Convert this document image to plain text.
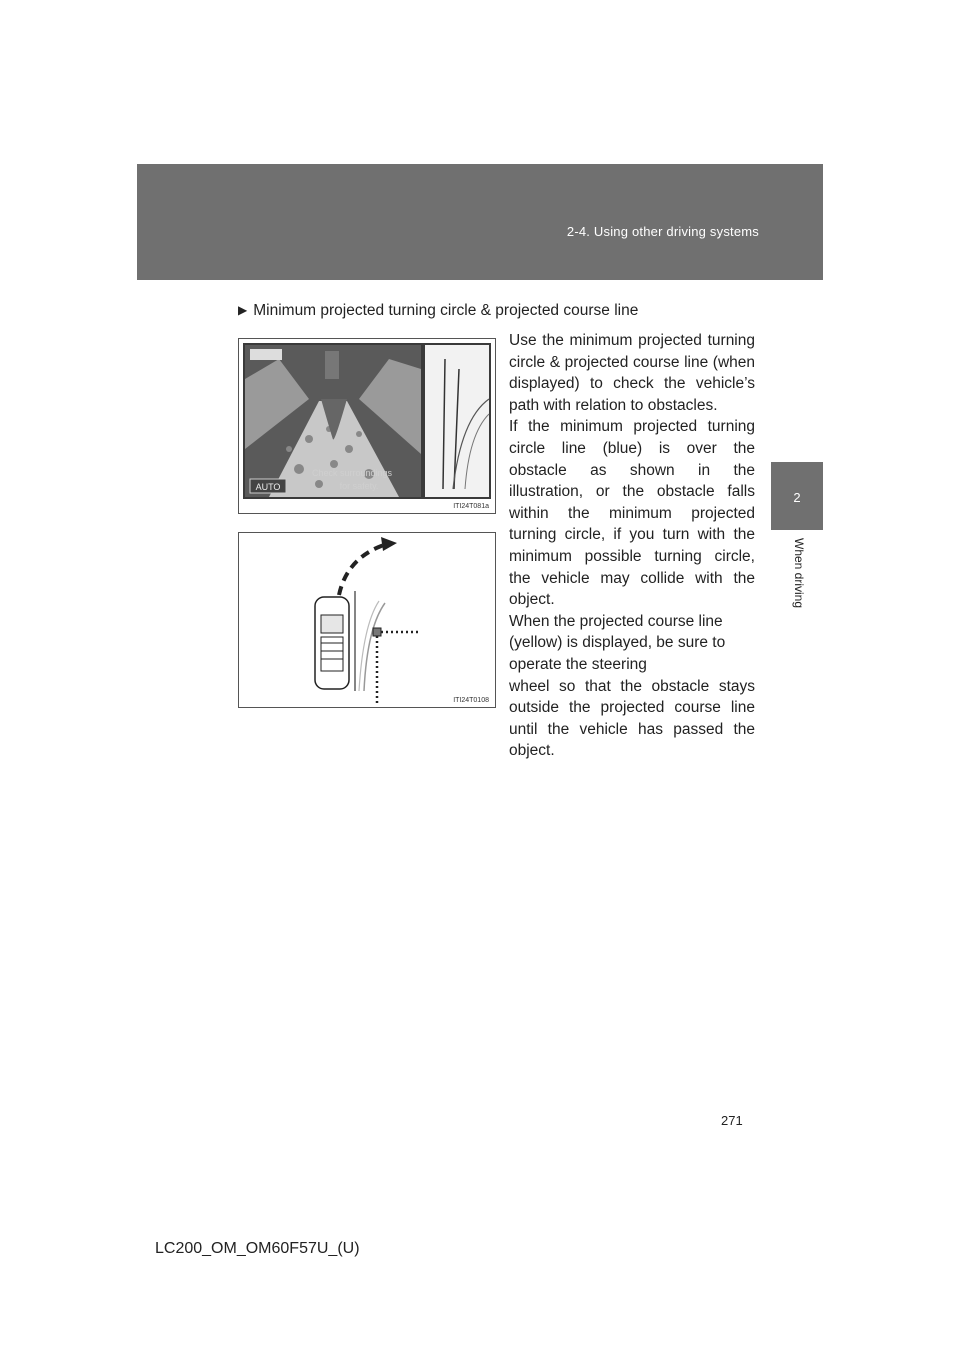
2-4. Using other driving systems
2
When driving
▶ Minimum projected turning circle & projected course line
AUTO
Check surroundings
for safety.
ITI24T081a
ITI24T0108

Use the minimum projected turning circle & projected course line (when displayed) to check the vehicle’s path with relation to obstacles.

If the minimum projected turning circle line (blue) is over the obstacle as shown in the illustration, or the obstacle falls within the minimum projected turning circle, if you turn with the minimum possible turning circle, the vehicle may collide with the object.

When the projected course line (yellow) is displayed, be sure to operate the steering

wheel so that the obstacle stays outside the projected course line until the vehicle has passed the object.

271
LC200_OM_OM60F57U_(U)
